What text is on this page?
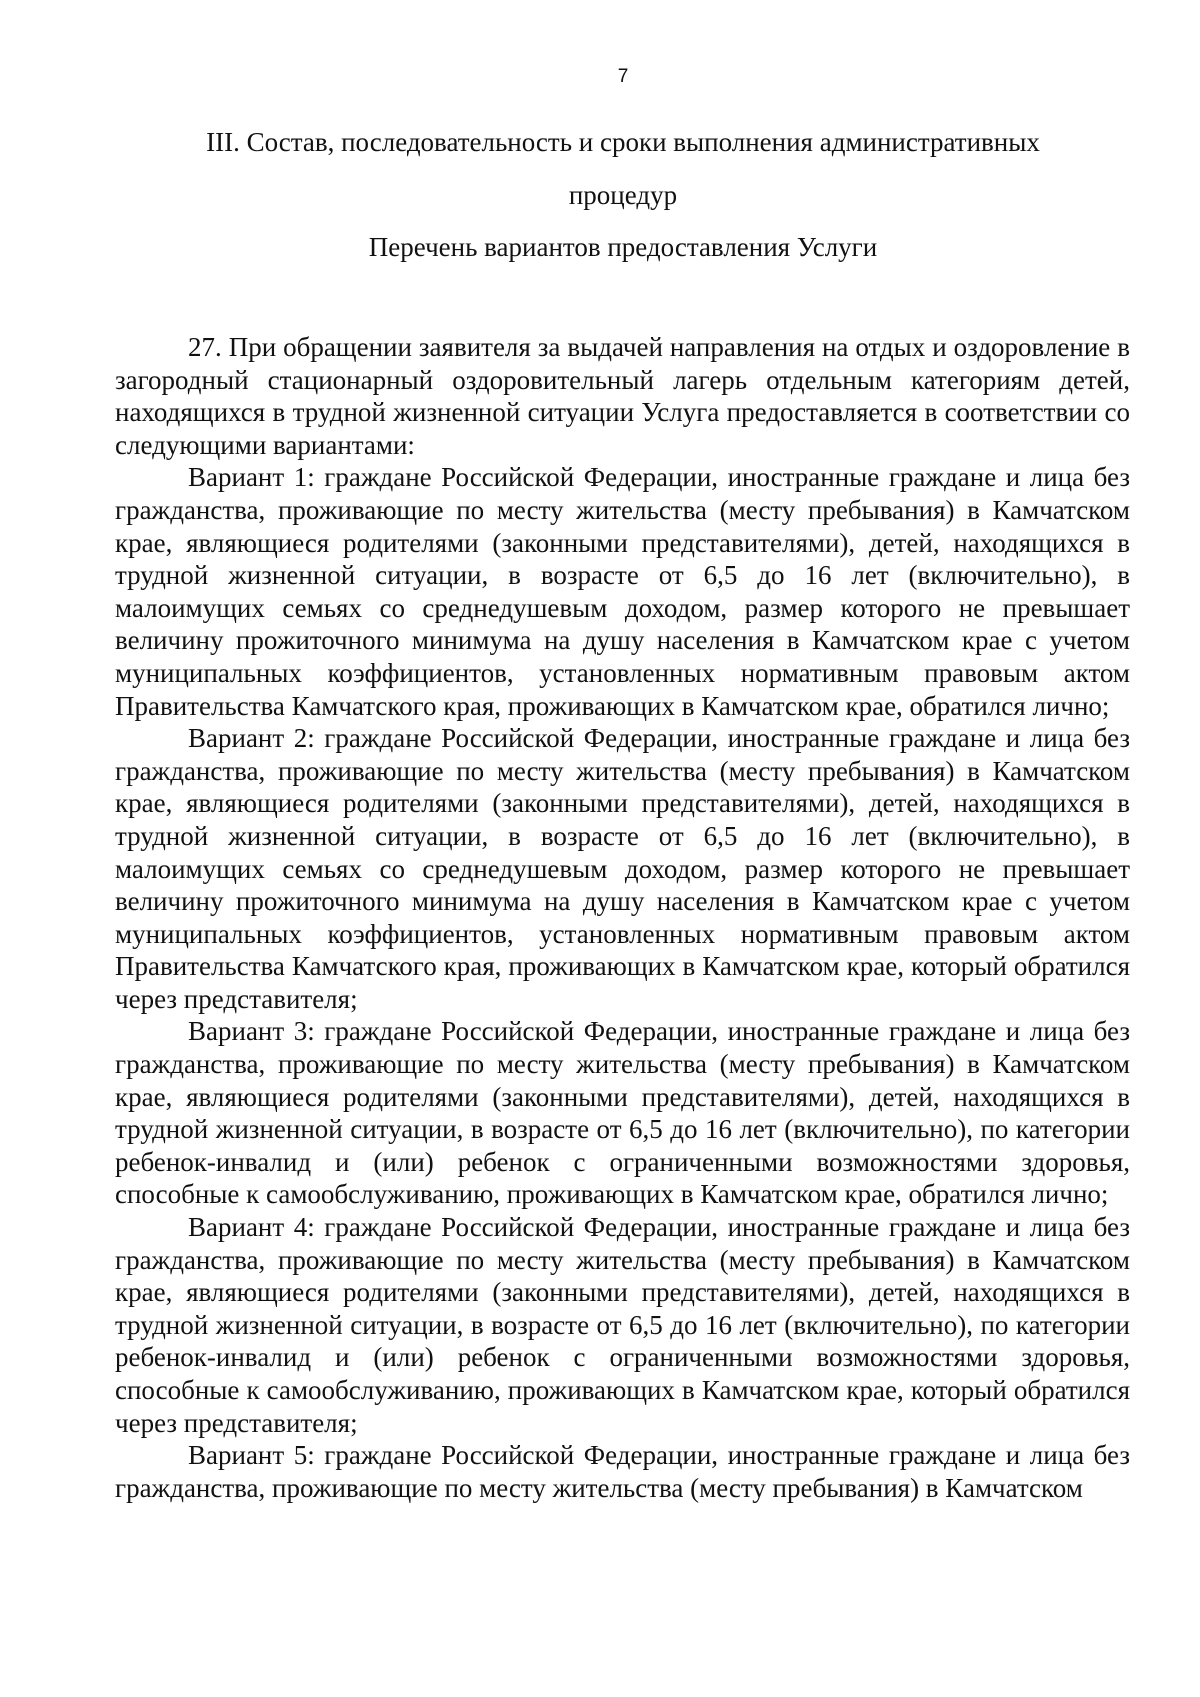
7
III. Состав, последовательность и сроки выполнения административных
процедур
Перечень вариантов предоставления Услуги

27. При обращении заявителя за выдачей направления на отдых и оздоровление в загородный стационарный оздоровительный лагерь отдельным категориям детей, находящихся в трудной жизненной ситуации Услуга предоставляется в соответствии со следующими вариантами:

Вариант 1: граждане Российской Федерации, иностранные граждане и лица без гражданства, проживающие по месту жительства (месту пребывания) в Камчатском крае, являющиеся родителями (законными представителями), детей, находящихся в трудной жизненной ситуации, в возрасте от 6,5 до 16 лет (включительно), в малоимущих семьях со среднедушевым доходом, размер которого не превышает величину прожиточного минимума на душу населения в Камчатском крае с учетом муниципальных коэффициентов, установленных нормативным правовым актом Правительства Камчатского края, проживающих в Камчатском крае, обратился лично;

Вариант 2: граждане Российской Федерации, иностранные граждане и лица без гражданства, проживающие по месту жительства (месту пребывания) в Камчатском крае, являющиеся родителями (законными представителями), детей, находящихся в трудной жизненной ситуации, в возрасте от 6,5 до 16 лет (включительно), в малоимущих семьях со среднедушевым доходом, размер которого не превышает величину прожиточного минимума на душу населения в Камчатском крае с учетом муниципальных коэффициентов, установленных нормативным правовым актом Правительства Камчатского края, проживающих в Камчатском крае, который обратился через представителя;

Вариант 3: граждане Российской Федерации, иностранные граждане и лица без гражданства, проживающие по месту жительства (месту пребывания) в Камчатском крае, являющиеся родителями (законными представителями), детей, находящихся в трудной жизненной ситуации, в возрасте от 6,5 до 16 лет (включительно), по категории ребенок-инвалид и (или) ребенок с ограниченными возможностями здоровья, способные к самообслуживанию, проживающих в Камчатском крае, обратился лично;

Вариант 4: граждане Российской Федерации, иностранные граждане и лица без гражданства, проживающие по месту жительства (месту пребывания) в Камчатском крае, являющиеся родителями (законными представителями), детей, находящихся в трудной жизненной ситуации, в возрасте от 6,5 до 16 лет (включительно), по категории ребенок-инвалид и (или) ребенок с ограниченными возможностями здоровья, способные к самообслуживанию, проживающих в Камчатском крае, который обратился через представителя;

Вариант 5: граждане Российской Федерации, иностранные граждане и лица без гражданства, проживающие по месту жительства (месту пребывания) в Камчатском
